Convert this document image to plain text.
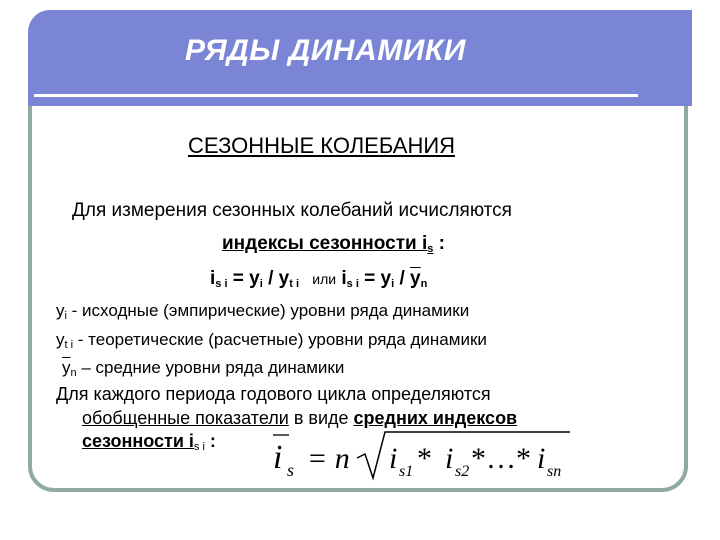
РЯДЫ ДИНАМИКИ
СЕЗОННЫЕ КОЛЕБАНИЯ
Для измерения сезонных колебаний исчисляются
индексы сезонности is :
is i = yi / yt i или is i = yi / $\overline{y}n$
yi - исходные (эмпирические) уровни ряда динамики
yt i - теоретические (расчетные) уровни ряда динамики
$\overline{y}n$ – средние уровни ряда динамики
Для каждого периода годового цикла определяются
обобщенные показатели в виде средних индексов
сезонности is i : i s = n i s1 * i s2 *…* i sn
